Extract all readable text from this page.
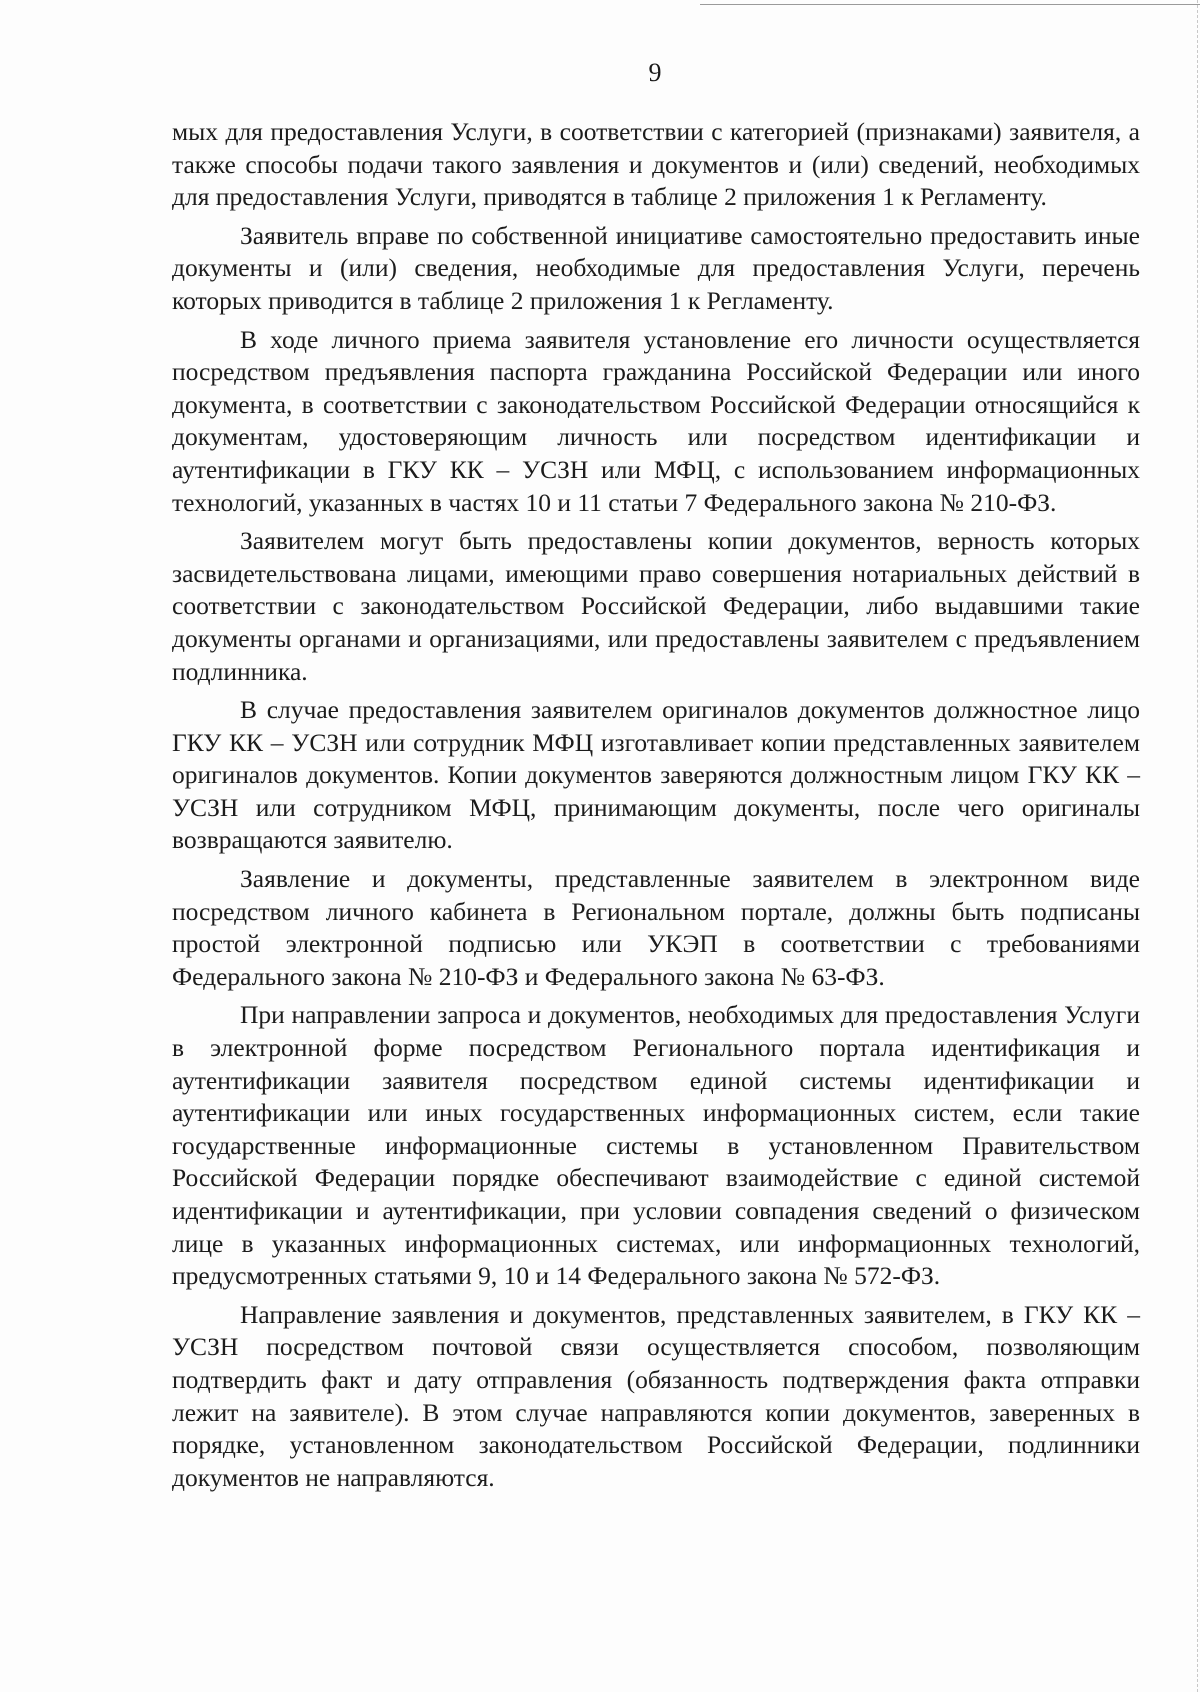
9

мых для предоставления Услуги, в соответствии с категорией (признаками) заявителя, а также способы подачи такого заявления и документов и (или) сведений, необходимых для предоставления Услуги, приводятся в таблице 2 приложения 1 к Регламенту.

Заявитель вправе по собственной инициативе самостоятельно предоставить иные документы и (или) сведения, необходимые для предоставления Услуги, перечень которых приводится в таблице 2 приложения 1 к Регламенту.

В ходе личного приема заявителя установление его личности осуществляется посредством предъявления паспорта гражданина Российской Федерации или иного документа, в соответствии с законодательством Российской Федерации относящийся к документам, удостоверяющим личность или посредством идентификации и аутентификации в ГКУ КК – УСЗН или МФЦ, с использованием информационных технологий, указанных в частях 10 и 11 статьи 7 Федерального закона № 210-ФЗ.

Заявителем могут быть предоставлены копии документов, верность которых засвидетельствована лицами, имеющими право совершения нотариальных действий в соответствии с законодательством Российской Федерации, либо выдавшими такие документы органами и организациями, или предоставлены заявителем с предъявлением подлинника.

В случае предоставления заявителем оригиналов документов должностное лицо ГКУ КК – УСЗН или сотрудник МФЦ изготавливает копии представленных заявителем оригиналов документов. Копии документов заверяются должностным лицом ГКУ КК – УСЗН или сотрудником МФЦ, принимающим документы, после чего оригиналы возвращаются заявителю.

Заявление и документы, представленные заявителем в электронном виде посредством личного кабинета в Региональном портале, должны быть подписаны простой электронной подписью или УКЭП в соответствии с требованиями Федерального закона № 210-ФЗ и Федерального закона № 63-ФЗ.

При направлении запроса и документов, необходимых для предоставления Услуги в электронной форме посредством Регионального портала идентификация и аутентификации заявителя посредством единой системы идентификации и аутентификации или иных государственных информационных систем, если такие государственные информационные системы в установленном Правительством Российской Федерации порядке обеспечивают взаимодействие с единой системой идентификации и аутентификации, при условии совпадения сведений о физическом лице в указанных информационных системах, или информационных технологий, предусмотренных статьями 9, 10 и 14 Федерального закона № 572-ФЗ.

Направление заявления и документов, представленных заявителем, в ГКУ КК – УСЗН посредством почтовой связи осуществляется способом, позволяющим подтвердить факт и дату отправления (обязанность подтверждения факта отправки лежит на заявителе). В этом случае направляются копии документов, заверенных в порядке, установленном законодательством Российской Федерации, подлинники документов не направляются.
